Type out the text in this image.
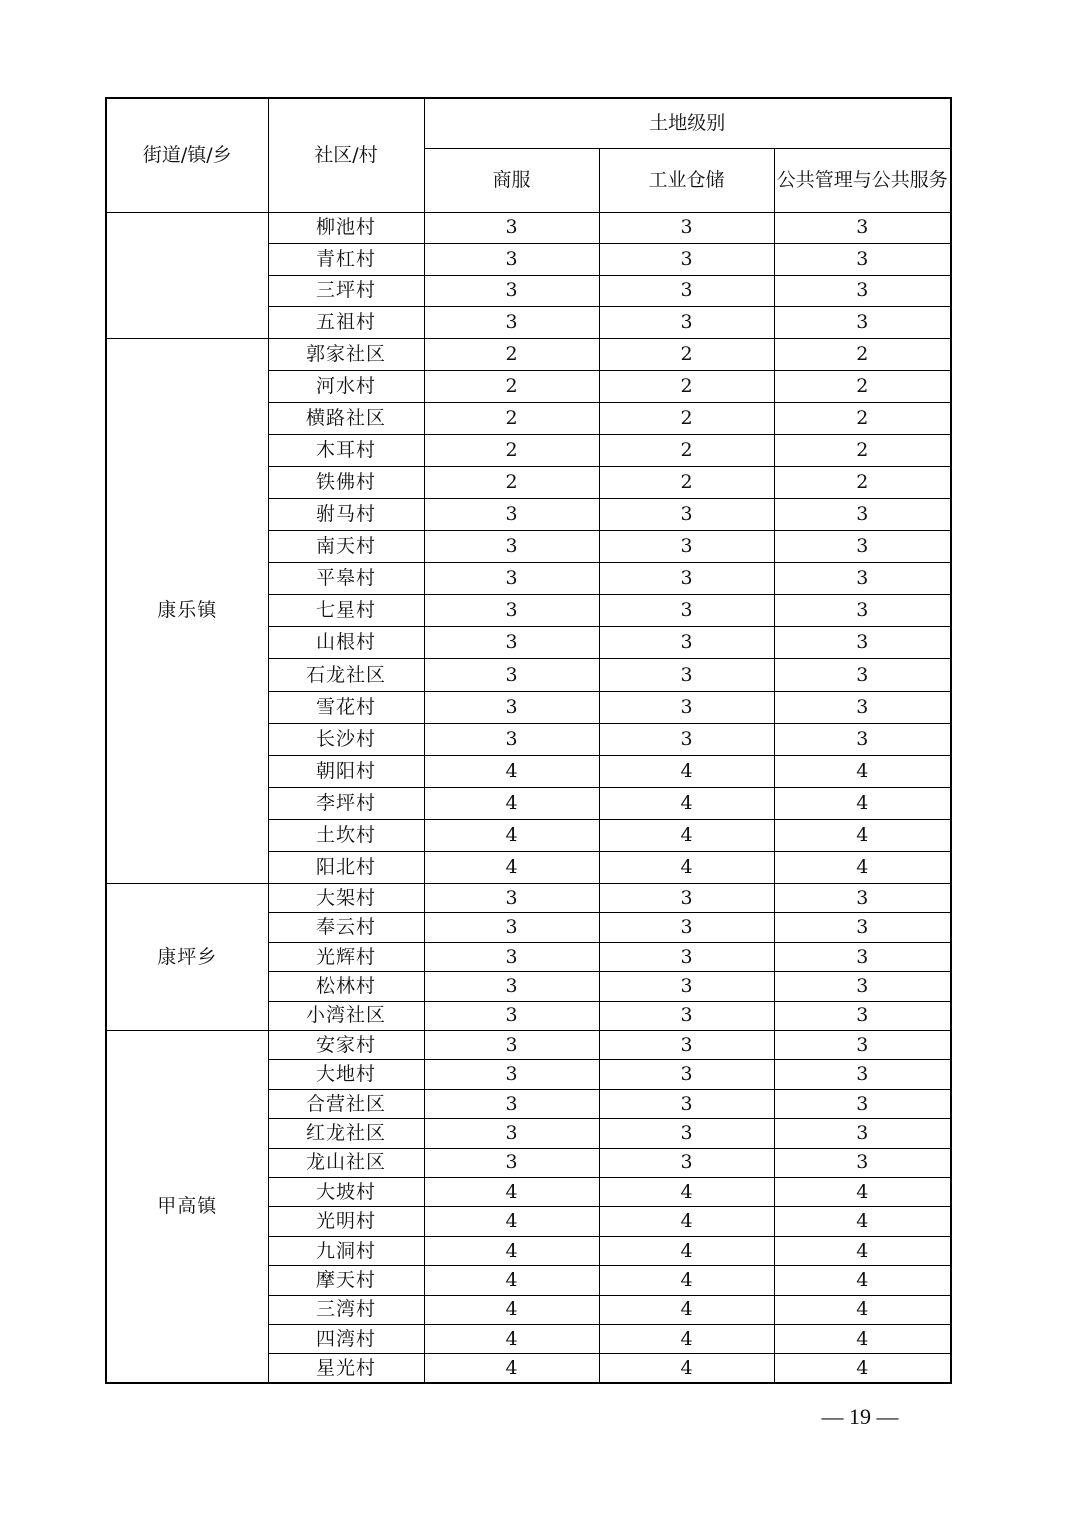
街道/镇/乡	社区/村	土地级别		
		商服	工业仓储	公共管理与公共服务
	柳池村	3	3	3
	青杠村	3	3	3
	三坪村	3	3	3
	五祖村	3	3	3
康乐镇	郭家社区	2	2	2
	河水村	2	2	2
	横路社区	2	2	2
	木耳村	2	2	2
	铁佛村	2	2	2
	驸马村	3	3	3
	南天村	3	3	3
	平皋村	3	3	3
	七星村	3	3	3
	山根村	3	3	3
	石龙社区	3	3	3
	雪花村	3	3	3
	长沙村	3	3	3
	朝阳村	4	4	4
	李坪村	4	4	4
	土坎村	4	4	4
	阳北村	4	4	4
康坪乡	大架村	3	3	3
	奉云村	3	3	3
	光辉村	3	3	3
	松林村	3	3	3
	小湾社区	3	3	3
甲高镇	安家村	3	3	3
	大地村	3	3	3
	合营社区	3	3	3
	红龙社区	3	3	3
	龙山社区	3	3	3
	大坡村	4	4	4
	光明村	4	4	4
	九洞村	4	4	4
	摩天村	4	4	4
	三湾村	4	4	4
	四湾村	4	4	4
	星光村	4	4	4
— 19 —
